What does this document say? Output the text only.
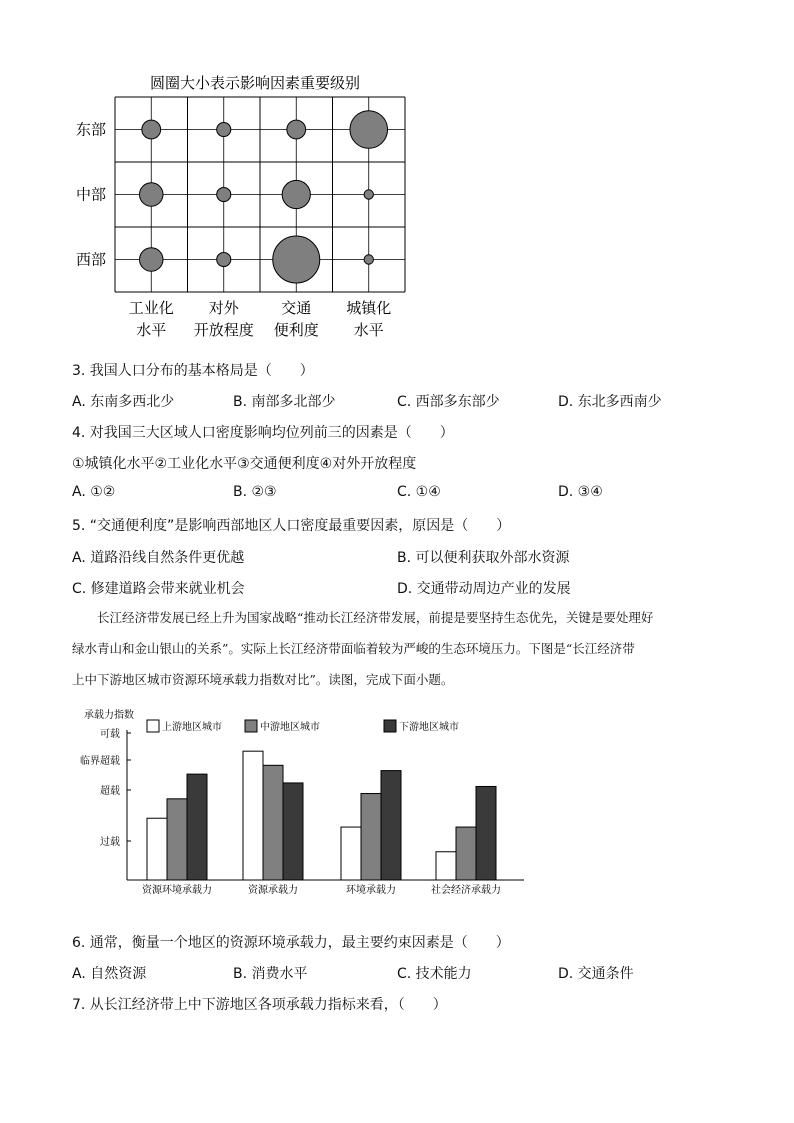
圆圈大小表示影响因素重要级别
东部
中部
西部
工业化
水平
对外
开放程度
交通
便利度
城镇化
水平
3. 我国人口分布的基本格局是（　　）
A. 东南多西北少	B. 南部多北部少	C. 西部多东部少	D. 东北多西南少
4. 对我国三大区域人口密度影响均位列前三的因素是（　　）
①城镇化水平②工业化水平③交通便利度④对外开放程度
A. ①②	B. ②③	C. ①④	D. ③④
5. “交通便利度”是影响西部地区人口密度最重要因素，原因是（　　）
A. 道路沿线自然条件更优越	B. 可以便利获取外部水资源
C. 修建道路会带来就业机会	D. 交通带动周边产业的发展

长江经济带发展已经上升为国家战略“推动长江经济带发展，前提是要坚持生态优先，关键是要处理好

绿水青山和金山银山的关系”。实际上长江经济带面临着较为严峻的生态环境压力。下图是“长江经济带

上中下游地区城市资源环境承载力指数对比”。读图，完成下面小题。

承载力指数
可载
临界超载
超载
过载
上游地区城市	中游地区城市	下游地区城市
资源环境承载力	资源承载力	环境承载力	社会经济承载力
6. 通常，衡量一个地区的资源环境承载力，最主要约束因素是（　　）
A. 自然资源	B. 消费水平	C. 技术能力	D. 交通条件
7. 从长江经济带上中下游地区各项承载力指标来看，（　　）
